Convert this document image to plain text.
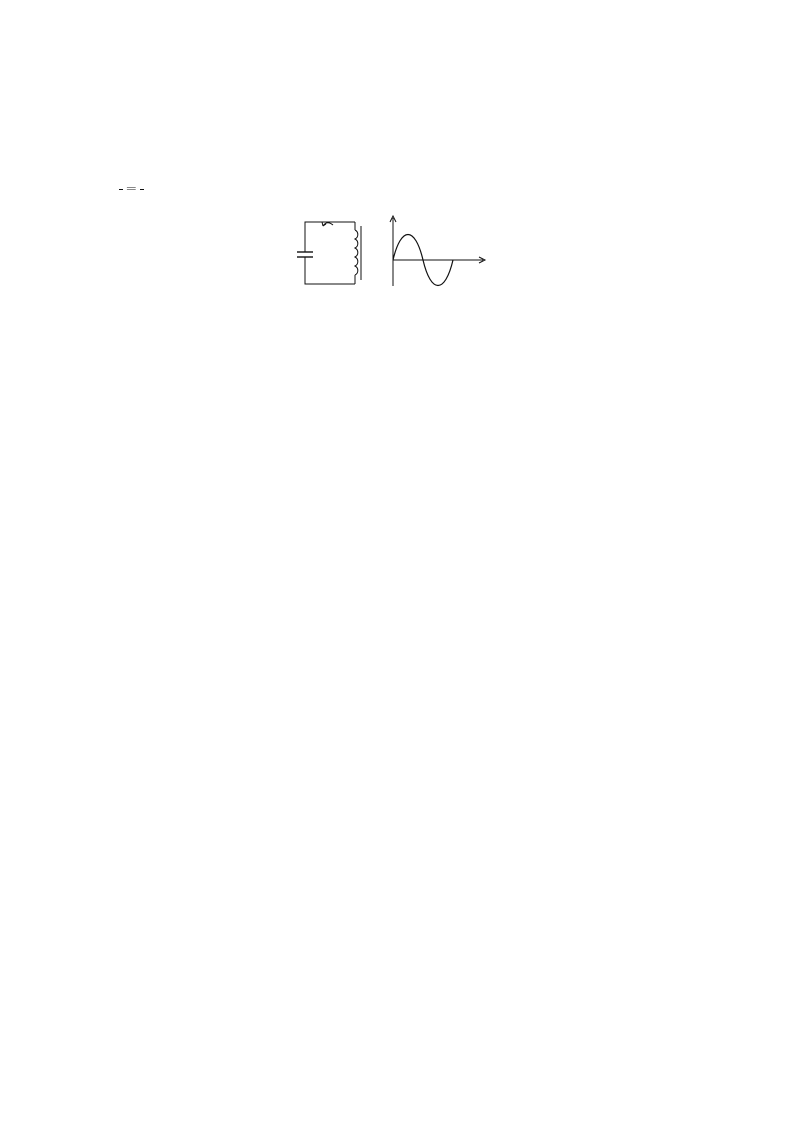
＝
